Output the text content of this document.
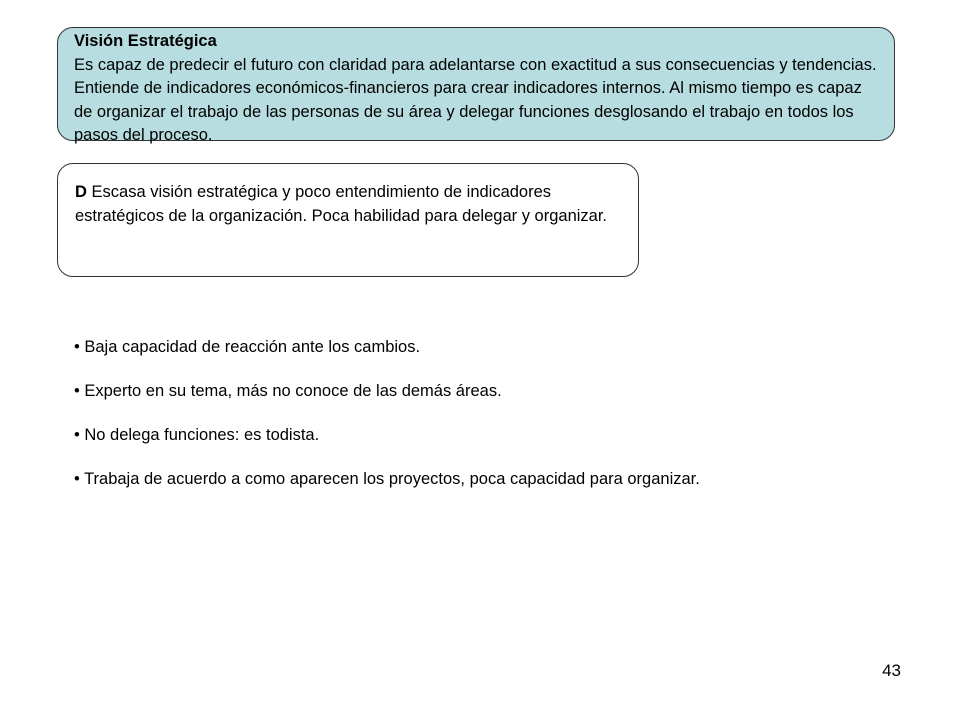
Visión Estratégica
Es capaz de predecir el futuro con claridad para adelantarse con exactitud a sus consecuencias y tendencias. Entiende de indicadores económicos-financieros para crear indicadores internos. Al mismo tiempo es capaz de organizar el trabajo de las personas de su área y delegar funciones desglosando el trabajo en todos los pasos del proceso.
D Escasa visión estratégica y poco entendimiento de indicadores estratégicos de la organización. Poca habilidad para delegar y organizar.
• Baja capacidad de reacción ante los cambios.
• Experto en su tema, más no conoce de las demás áreas.
• No delega funciones: es todista.
• Trabaja de acuerdo a como aparecen los proyectos, poca capacidad para organizar.
43
